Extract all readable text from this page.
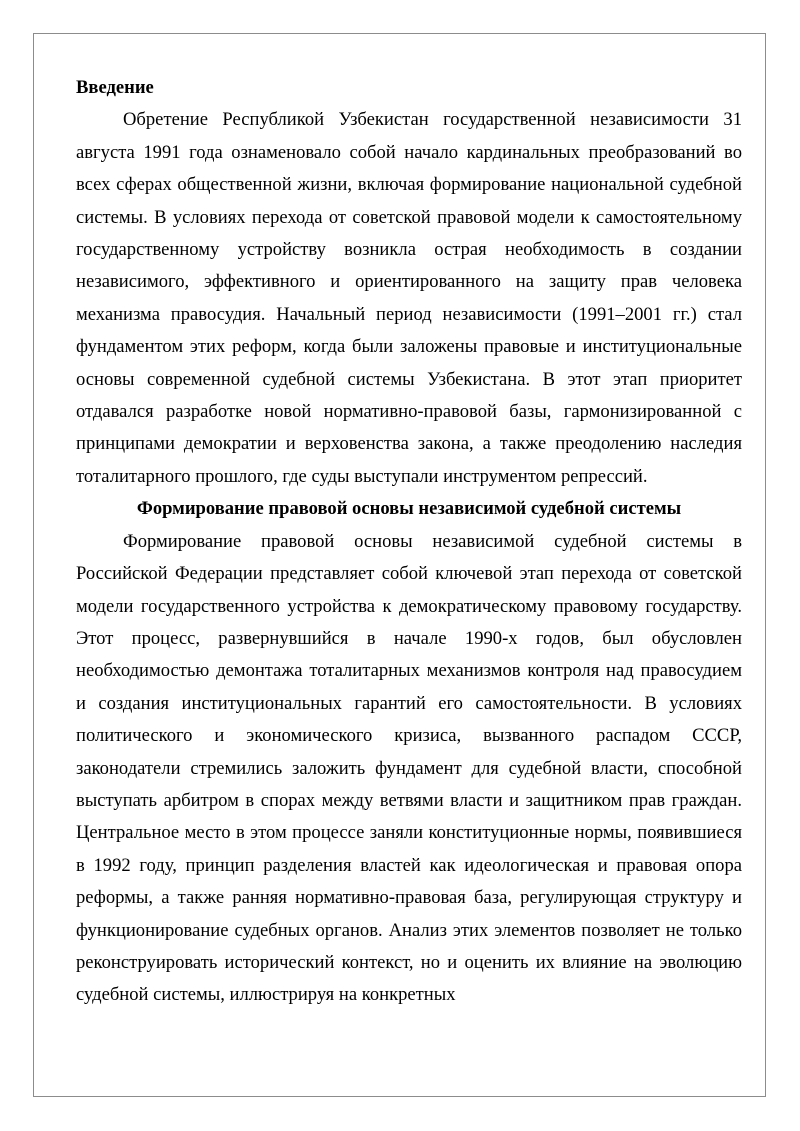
Введение

Обретение Республикой Узбекистан государственной независимости 31 августа 1991 года ознаменовало собой начало кардинальных преобразований во всех сферах общественной жизни, включая формирование национальной судебной системы. В условиях перехода от советской правовой модели к самостоятельному государственному устройству возникла острая необходимость в создании независимого, эффективного и ориентированного на защиту прав человека механизма правосудия. Начальный период независимости (1991–2001 гг.) стал фундаментом этих реформ, когда были заложены правовые и институциональные основы современной судебной системы Узбекистана. В этот этап приоритет отдавался разработке новой нормативно-правовой базы, гармонизированной с принципами демократии и верховенства закона, а также преодолению наследия тоталитарного прошлого, где суды выступали инструментом репрессий.

Формирование правовой основы независимой судебной системы

Формирование правовой основы независимой судебной системы в Российской Федерации представляет собой ключевой этап перехода от советской модели государственного устройства к демократическому правовому государству. Этот процесс, развернувшийся в начале 1990-х годов, был обусловлен необходимостью демонтажа тоталитарных механизмов контроля над правосудием и создания институциональных гарантий его самостоятельности. В условиях политического и экономического кризиса, вызванного распадом СССР, законодатели стремились заложить фундамент для судебной власти, способной выступать арбитром в спорах между ветвями власти и защитником прав граждан. Центральное место в этом процессе заняли конституционные нормы, появившиеся в 1992 году, принцип разделения властей как идеологическая и правовая опора реформы, а также ранняя нормативно-правовая база, регулирующая структуру и функционирование судебных органов. Анализ этих элементов позволяет не только реконструировать исторический контекст, но и оценить их влияние на эволюцию судебной системы, иллюстрируя на конкретных
